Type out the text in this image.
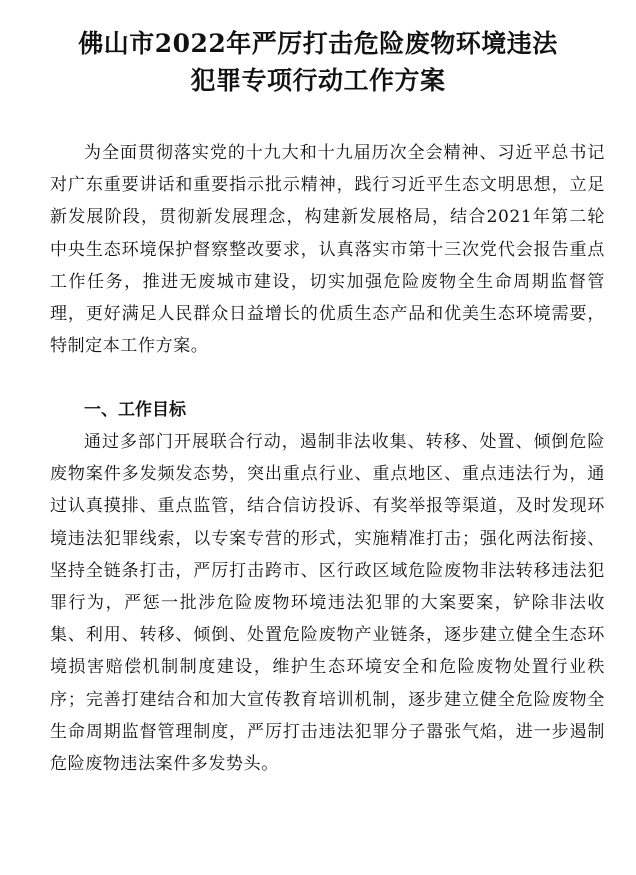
佛山市2022年严厉打击危险废物环境违法
犯罪专项行动工作方案

为全面贯彻落实党的十九大和十九届历次全会精神、习近平总书记对广东重要讲话和重要指示批示精神，践行习近平生态文明思想，立足新发展阶段，贯彻新发展理念，构建新发展格局，结合2021年第二轮中央生态环境保护督察整改要求，认真落实市第十三次党代会报告重点工作任务，推进无废城市建设，切实加强危险废物全生命周期监督管理，更好满足人民群众日益增长的优质生态产品和优美生态环境需要，特制定本工作方案。

一、工作目标

通过多部门开展联合行动，遏制非法收集、转移、处置、倾倒危险废物案件多发频发态势，突出重点行业、重点地区、重点违法行为，通过认真摸排、重点监管，结合信访投诉、有奖举报等渠道，及时发现环境违法犯罪线索，以专案专营的形式，实施精准打击；强化两法衔接、坚持全链条打击，严厉打击跨市、区行政区域危险废物非法转移违法犯罪行为，严惩一批涉危险废物环境违法犯罪的大案要案，铲除非法收集、利用、转移、倾倒、处置危险废物产业链条，逐步建立健全生态环境损害赔偿机制制度建设，维护生态环境安全和危险废物处置行业秩序；完善打建结合和加大宣传教育培训机制，逐步建立健全危险废物全生命周期监督管理制度，严厉打击违法犯罪分子嚣张气焰，进一步遏制危险废物违法案件多发势头。
